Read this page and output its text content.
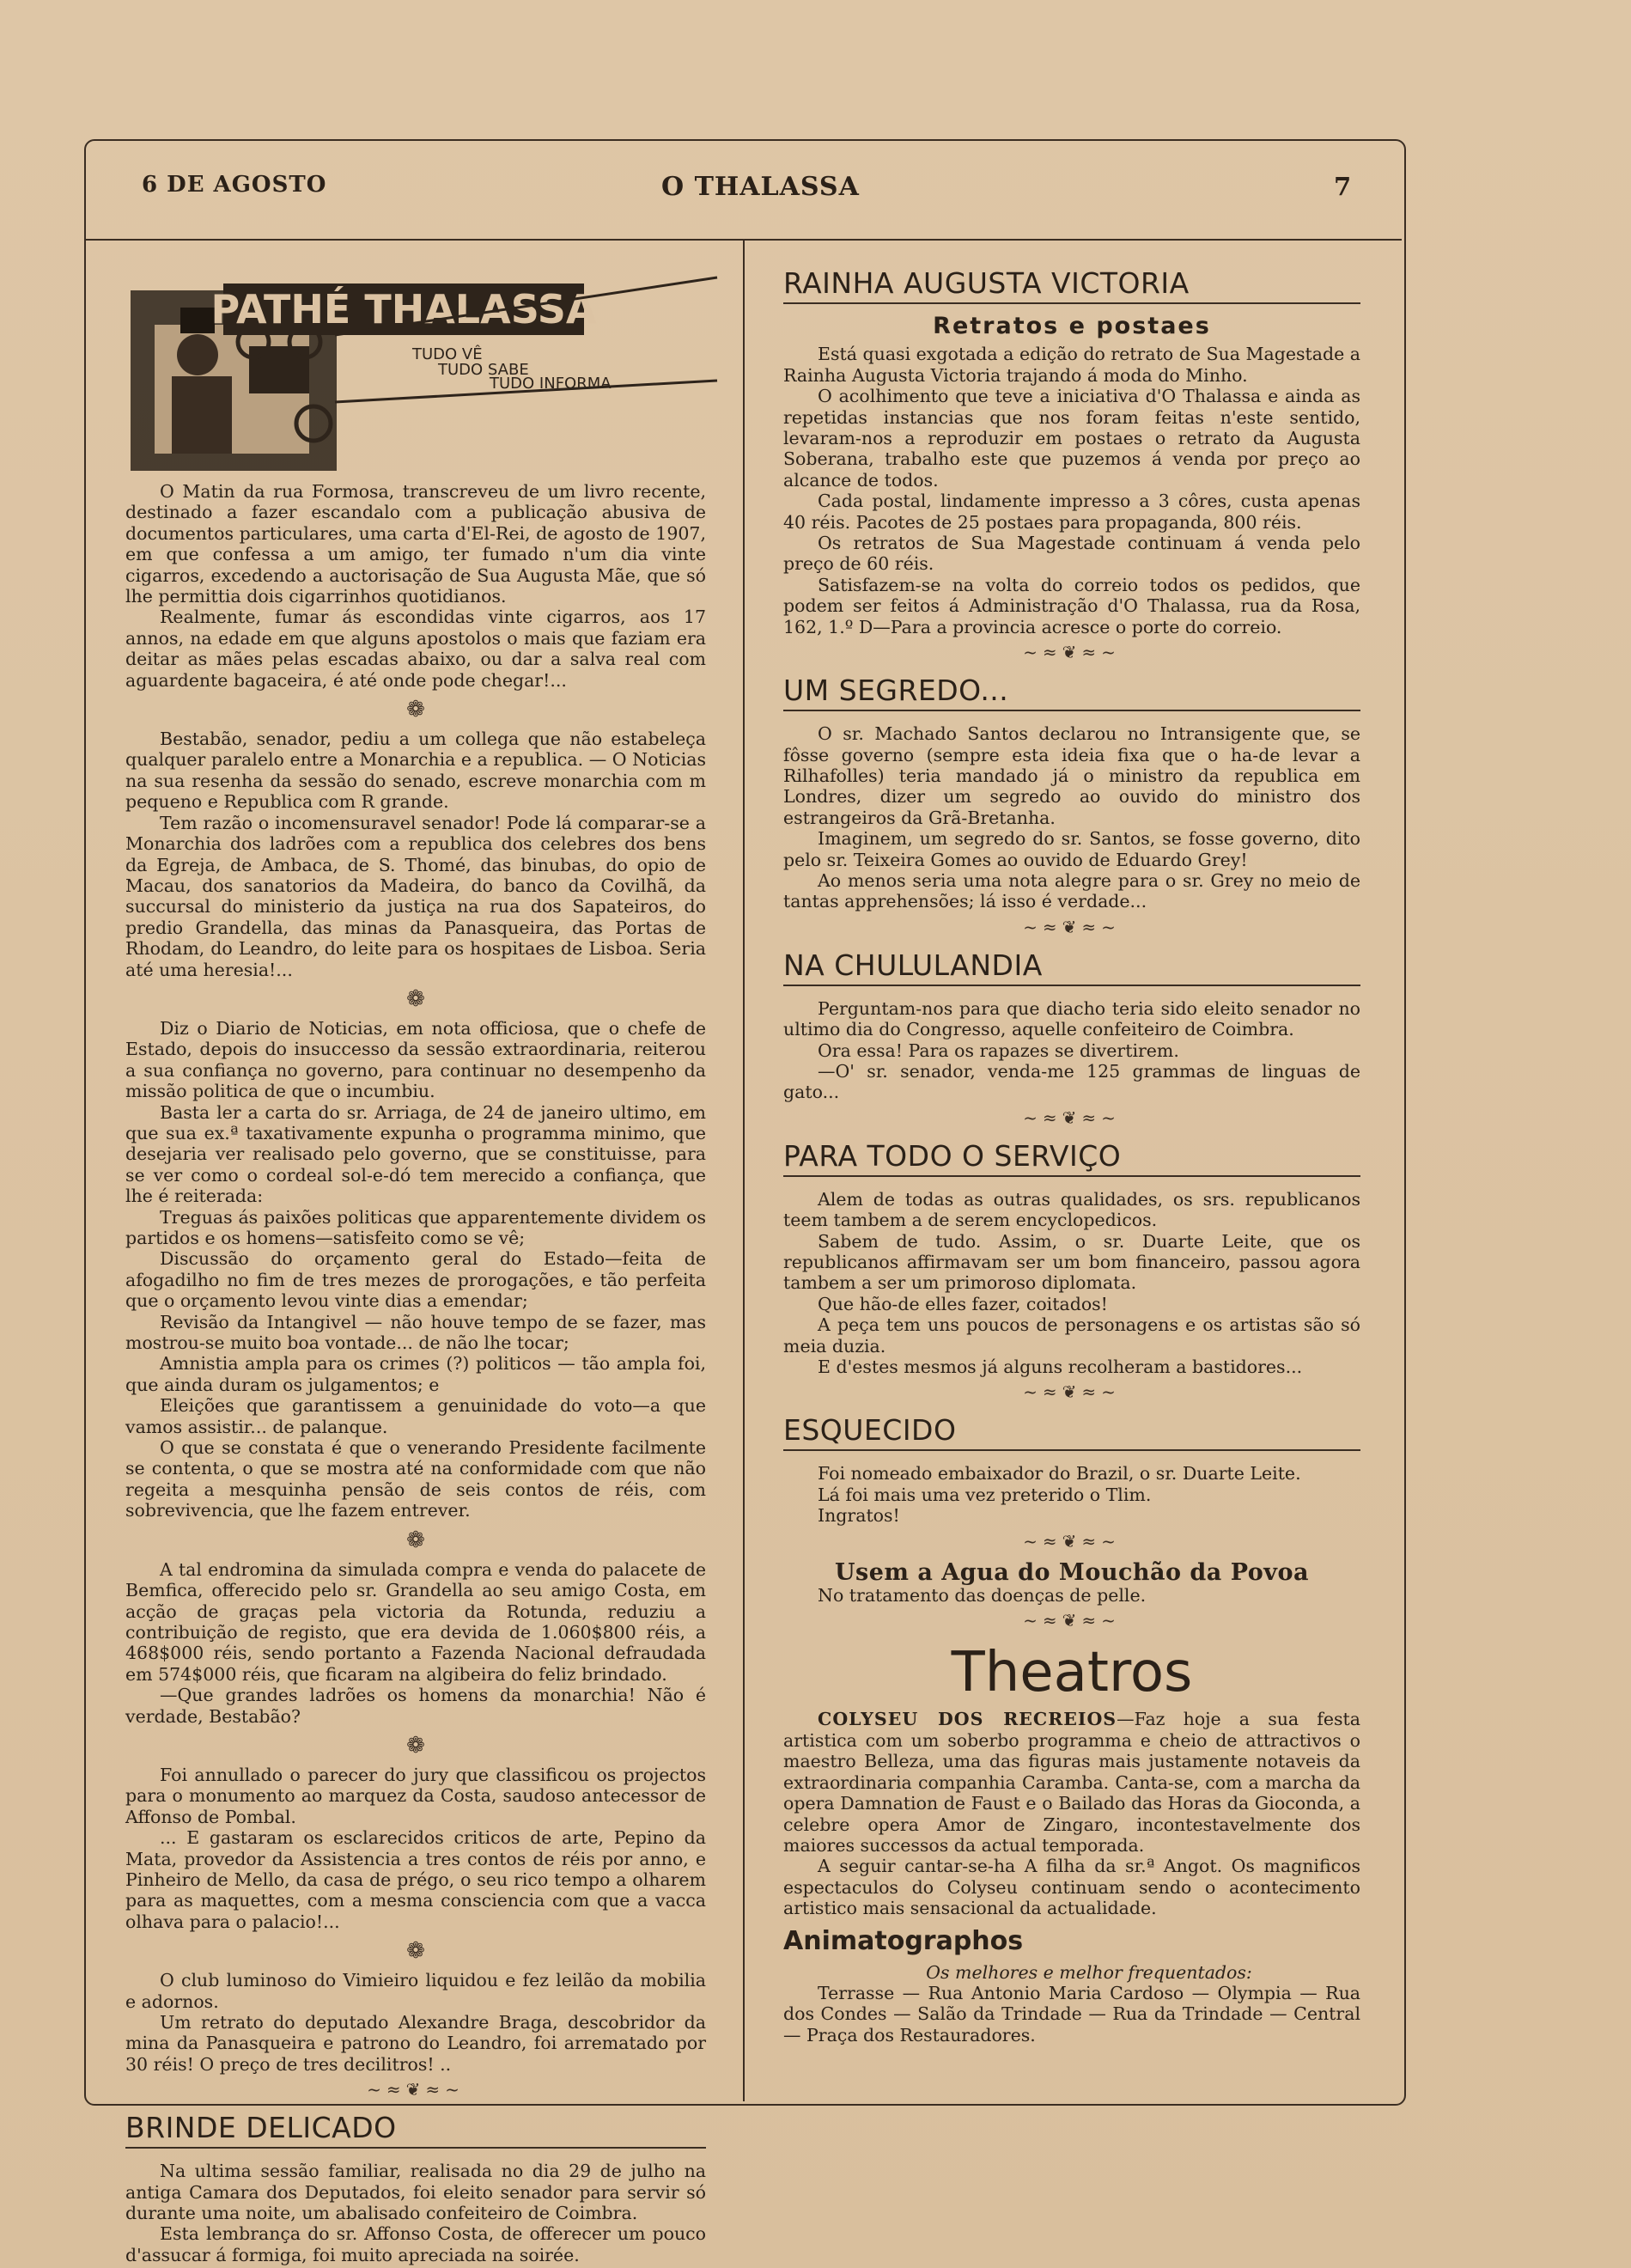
6 DE AGOSTO	O THALASSA	7
PATHÉ THALASSA
TUDO VÊ
TUDO SABE
TUDO INFORMA

O Matin da rua Formosa, transcreveu de um livro recente, destinado a fazer escandalo com a publicação abusiva de documentos particulares, uma carta d'El-Rei, de agosto de 1907, em que confessa a um amigo, ter fumado n'um dia vinte cigarros, excedendo a auctorisação de Sua Augusta Mãe, que só lhe permittia dois cigarrinhos quotidianos.

Realmente, fumar ás escondidas vinte cigarros, aos 17 annos, na edade em que alguns apostolos o mais que faziam era deitar as mães pelas escadas abaixo, ou dar a salva real com aguardente bagaceira, é até onde pode chegar!...

❁

Bestabão, senador, pediu a um collega que não estabeleça qualquer paralelo entre a Monarchia e a republica. — O Noticias na sua resenha da sessão do senado, escreve monarchia com m pequeno e Republica com R grande.

Tem razão o incomensuravel senador! Pode lá comparar-se a Monarchia dos ladrões com a republica dos celebres dos bens da Egreja, de Ambaca, de S. Thomé, das binubas, do opio de Macau, dos sanatorios da Madeira, do banco da Covilhã, da succursal do ministerio da justiça na rua dos Sapateiros, do predio Grandella, das minas da Panasqueira, das Portas de Rhodam, do Leandro, do leite para os hospitaes de Lisboa. Seria até uma heresia!...

❁

Diz o Diario de Noticias, em nota officiosa, que o chefe de Estado, depois do insuccesso da sessão extraordinaria, reiterou a sua confiança no governo, para continuar no desempenho da missão politica de que o incumbiu.

Basta ler a carta do sr. Arriaga, de 24 de janeiro ultimo, em que sua ex.ª taxativamente expunha o programma minimo, que desejaria ver realisado pelo governo, que se constituisse, para se ver como o cordeal sol-e-dó tem merecido a confiança, que lhe é reiterada:

Treguas ás paixões politicas que apparentemente dividem os partidos e os homens—satisfeito como se vê;

Discussão do orçamento geral do Estado—feita de afogadilho no fim de tres mezes de prorogações, e tão perfeita que o orçamento levou vinte dias a emendar;

Revisão da Intangivel — não houve tempo de se fazer, mas mostrou-se muito boa vontade... de não lhe tocar;

Amnistia ampla para os crimes (?) politicos — tão ampla foi, que ainda duram os julgamentos; e

Eleições que garantissem a genuinidade do voto—a que vamos assistir... de palanque.

O que se constata é que o venerando Presidente facilmente se contenta, o que se mostra até na conformidade com que não regeita a mesquinha pensão de seis contos de réis, com sobrevivencia, que lhe fazem entrever.

❁

A tal endromina da simulada compra e venda do palacete de Bemfica, offerecido pelo sr. Grandella ao seu amigo Costa, em acção de graças pela victoria da Rotunda, reduziu a contribuição de registo, que era devida de 1.060$800 réis, a 468$000 réis, sendo portanto a Fazenda Nacional defraudada em 574$000 réis, que ficaram na algibeira do feliz brindado.

—Que grandes ladrões os homens da monarchia! Não é verdade, Bestabão?

❁

Foi annullado o parecer do jury que classificou os projectos para o monumento ao marquez da Costa, saudoso antecessor de Affonso de Pombal.

... E gastaram os esclarecidos criticos de arte, Pepino da Mata, provedor da Assistencia a tres contos de réis por anno, e Pinheiro de Mello, da casa de prégo, o seu rico tempo a olharem para as maquettes, com a mesma consciencia com que a vacca olhava para o palacio!...

❁

O club luminoso do Vimieiro liquidou e fez leilão da mobilia e adornos.

Um retrato do deputado Alexandre Braga, descobridor da mina da Panasqueira e patrono do Leandro, foi arrematado por 30 réis! O preço de tres decilitros! ..

~≈❦≈~
BRINDE DELICADO

Na ultima sessão familiar, realisada no dia 29 de julho na antiga Camara dos Deputados, foi eleito senador para servir só durante uma noite, um abalisado confeiteiro de Coimbra.

Esta lembrança do sr. Affonso Costa, de offerecer um pouco d'assucar á formiga, foi muito apreciada na soirée.

RAINHA AUGUSTA VICTORIA
Retratos e postaes

Está quasi exgotada a edição do retrato de Sua Magestade a Rainha Augusta Victoria trajando á moda do Minho.

O acolhimento que teve a iniciativa d'O Thalassa e ainda as repetidas instancias que nos foram feitas n'este sentido, levaram-nos a reproduzir em postaes o retrato da Augusta Soberana, trabalho este que puzemos á venda por preço ao alcance de todos.

Cada postal, lindamente impresso a 3 côres, custa apenas 40 réis. Pacotes de 25 postaes para propaganda, 800 réis.

Os retratos de Sua Magestade continuam á venda pelo preço de 60 réis.

Satisfazem-se na volta do correio todos os pedidos, que podem ser feitos á Administração d'O Thalassa, rua da Rosa, 162, 1.º D—Para a provincia acresce o porte do correio.

~≈❦≈~
UM SEGREDO...

O sr. Machado Santos declarou no Intransigente que, se fôsse governo (sempre esta ideia fixa que o ha-de levar a Rilhafolles) teria mandado já o ministro da republica em Londres, dizer um segredo ao ouvido do ministro dos estrangeiros da Grã-Bretanha.

Imaginem, um segredo do sr. Santos, se fosse governo, dito pelo sr. Teixeira Gomes ao ouvido de Eduardo Grey!

Ao menos seria uma nota alegre para o sr. Grey no meio de tantas apprehensões; lá isso é verdade...

~≈❦≈~
NA CHULULANDIA

Perguntam-nos para que diacho teria sido eleito senador no ultimo dia do Congresso, aquelle confeiteiro de Coimbra.

Ora essa! Para os rapazes se divertirem.

—O' sr. senador, venda-me 125 grammas de linguas de gato...

~≈❦≈~
PARA TODO O SERVIÇO

Alem de todas as outras qualidades, os srs. republicanos teem tambem a de serem encyclopedicos.

Sabem de tudo. Assim, o sr. Duarte Leite, que os republicanos affirmavam ser um bom financeiro, passou agora tambem a ser um primoroso diplomata.

Que hão-de elles fazer, coitados!

A peça tem uns poucos de personagens e os artistas são só meia duzia.

E d'estes mesmos já alguns recolheram a bastidores...

~≈❦≈~
ESQUECIDO

Foi nomeado embaixador do Brazil, o sr. Duarte Leite.

Lá foi mais uma vez preterido o Tlim.

Ingratos!

~≈❦≈~
Usem a Agua do Mouchão da Povoa

No tratamento das doenças de pelle.

~≈❦≈~
Theatros

COLYSEU DOS RECREIOS—Faz hoje a sua festa artistica com um soberbo programma e cheio de attractivos o maestro Belleza, uma das figuras mais justamente notaveis da extraordinaria companhia Caramba. Canta-se, com a marcha da opera Damnation de Faust e o Bailado das Horas da Gioconda, a celebre opera Amor de Zingaro, incontestavelmente dos maiores successos da actual temporada.

A seguir cantar-se-ha A filha da sr.ª Angot. Os magnificos espectaculos do Colyseu continuam sendo o acontecimento artistico mais sensacional da actualidade.

Animatographos

Os melhores e melhor frequentados:

Terrasse — Rua Antonio Maria Cardoso — Olympia — Rua dos Condes — Salão da Trindade — Rua da Trindade — Central — Praça dos Restauradores.
